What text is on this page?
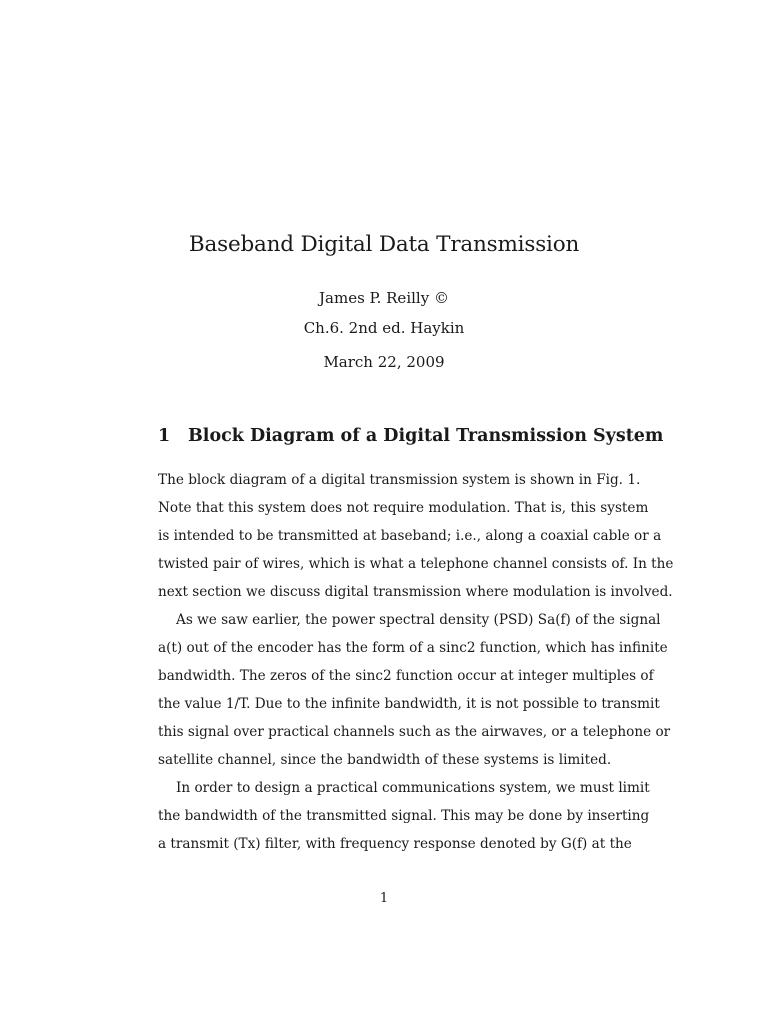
Baseband Digital Data Transmission
James P. Reilly ©
Ch.6. 2nd ed. Haykin
March 22, 2009
1 Block Diagram of a Digital Transmission System
The block diagram of a digital transmission system is shown in Fig. 1.
Note that this system does not require modulation. That is, this system
is intended to be transmitted at baseband; i.e., along a coaxial cable or a
twisted pair of wires, which is what a telephone channel consists of. In the
next section we discuss digital transmission where modulation is involved.
As we saw earlier, the power spectral density (PSD) Sa(f) of the signal
a(t) out of the encoder has the form of a sinc2 function, which has infinite
bandwidth. The zeros of the sinc2 function occur at integer multiples of
the value 1/T. Due to the infinite bandwidth, it is not possible to transmit
this signal over practical channels such as the airwaves, or a telephone or
satellite channel, since the bandwidth of these systems is limited.
In order to design a practical communications system, we must limit
the bandwidth of the transmitted signal. This may be done by inserting
a transmit (Tx) filter, with frequency response denoted by G(f) at the
1
